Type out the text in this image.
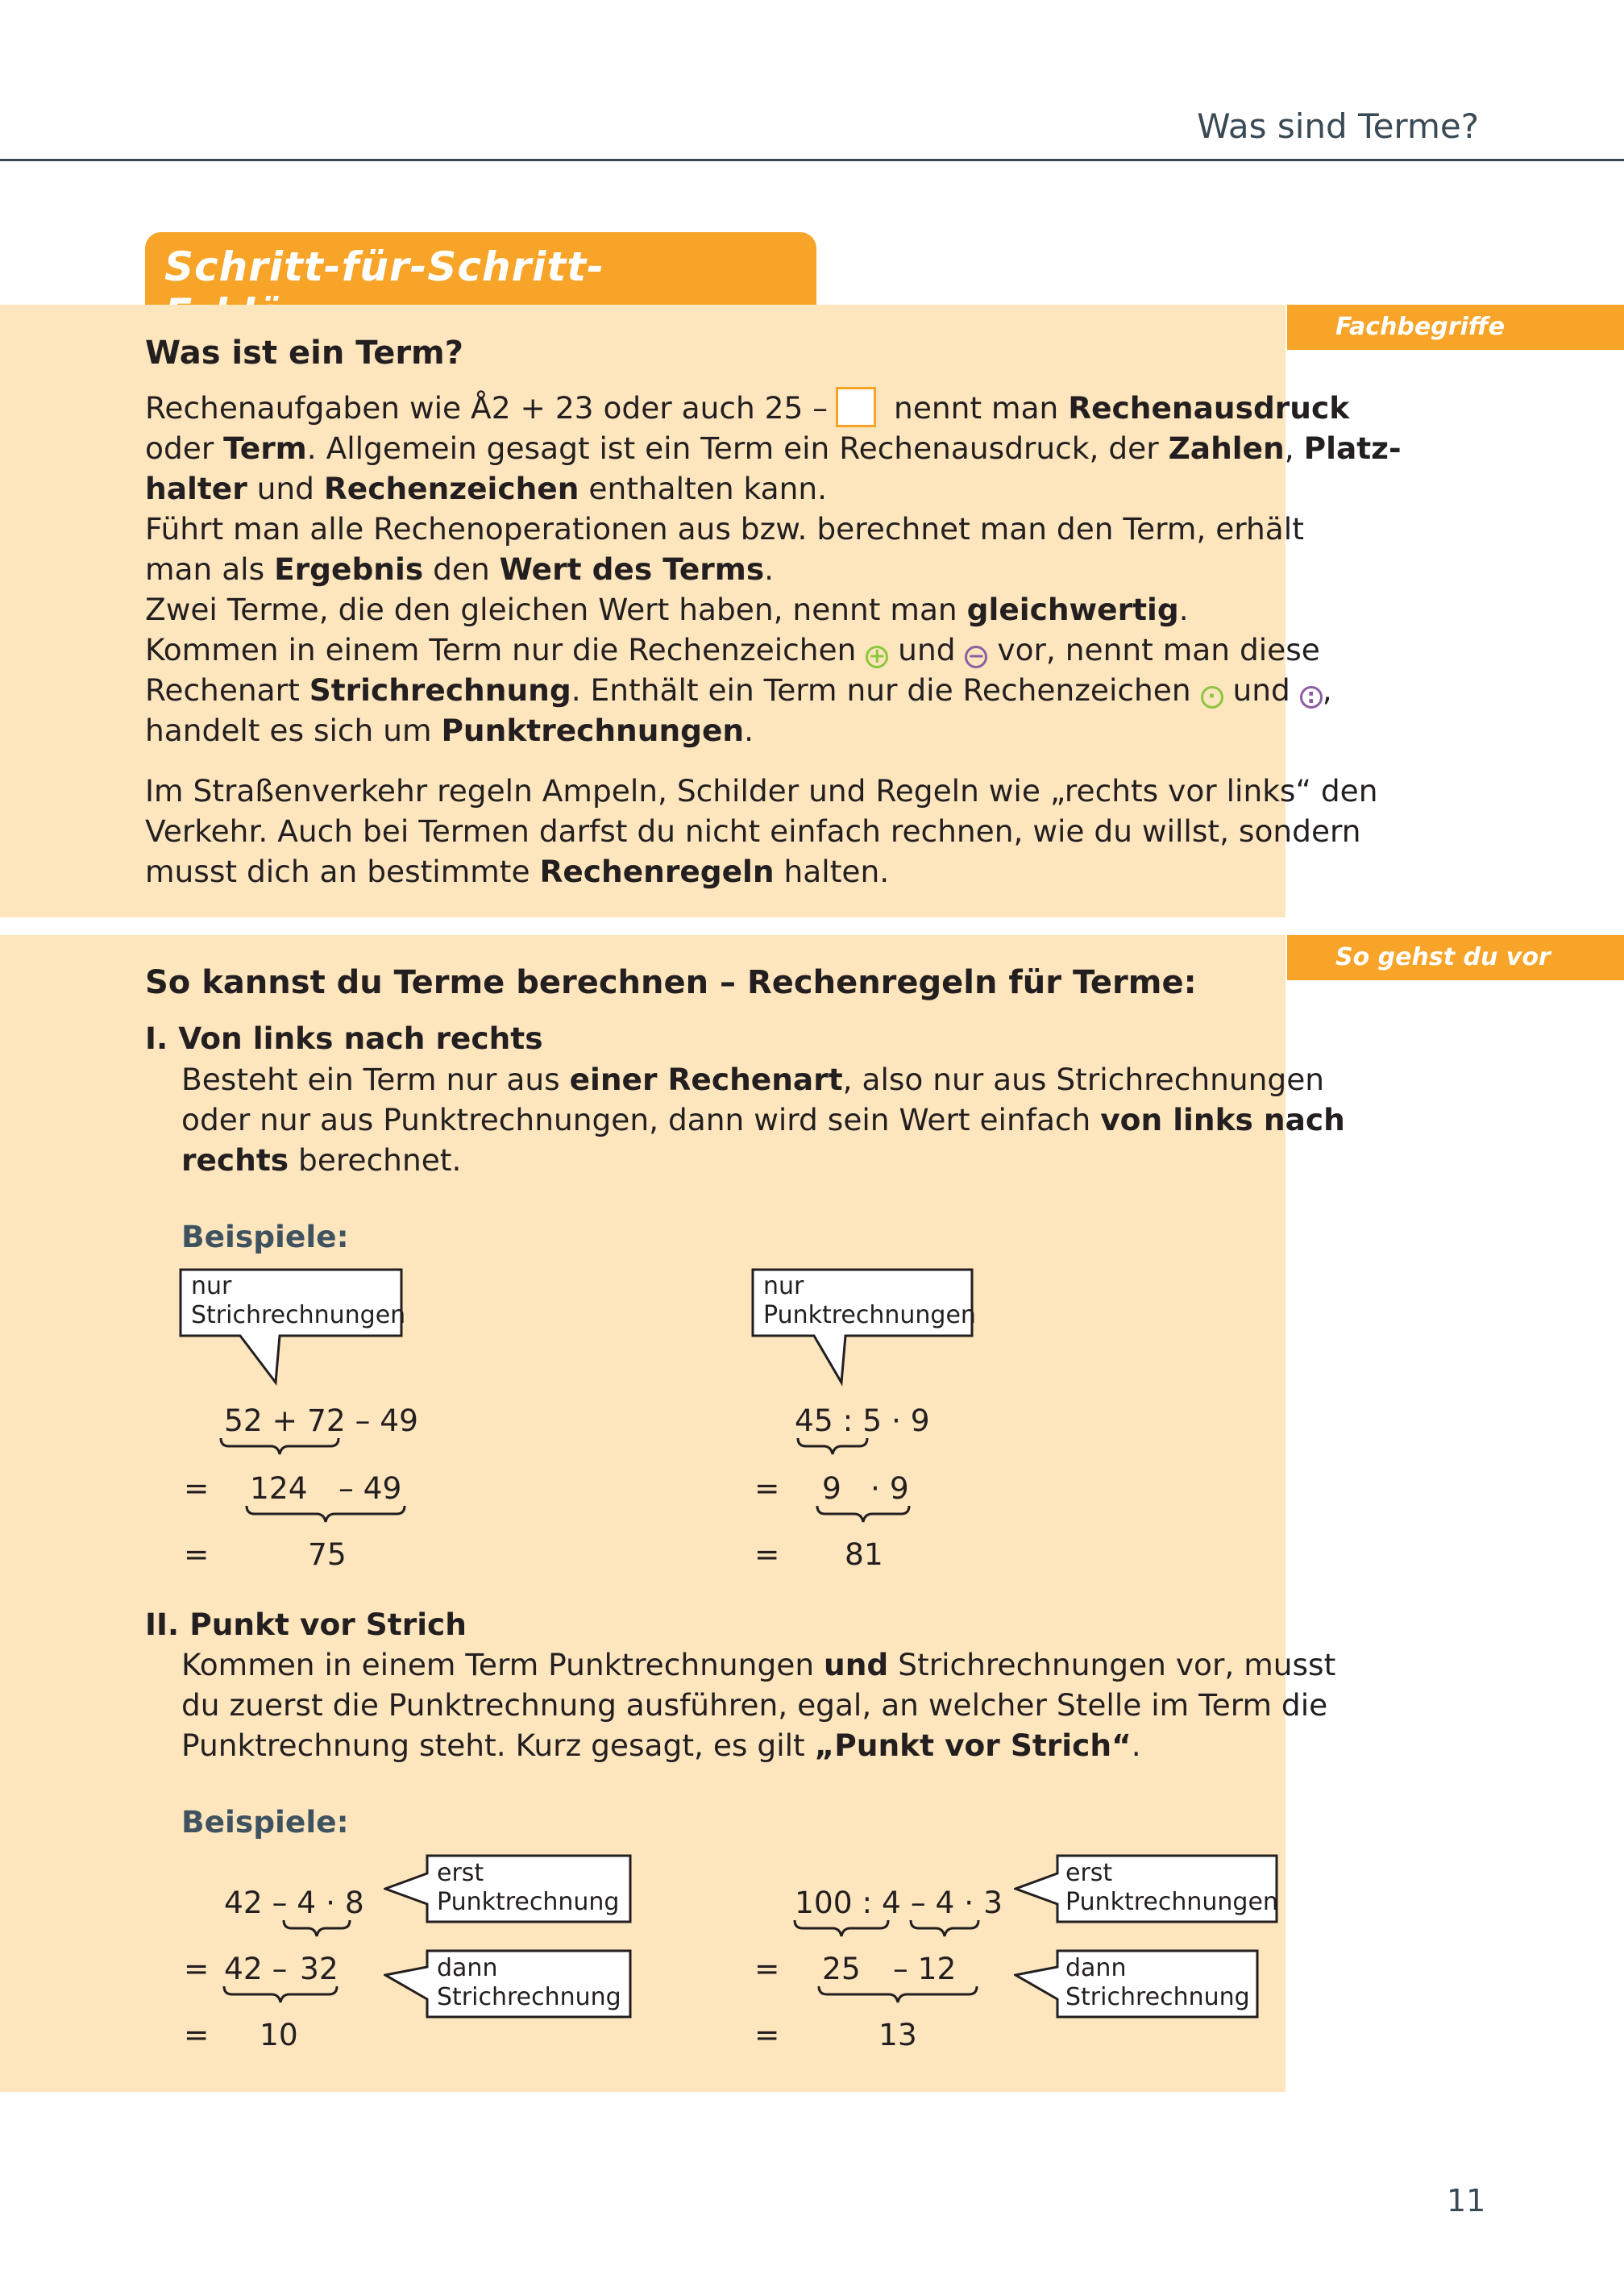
Was sind Terme?
Schritt-für-Schritt-
Fachbegriffe
So gehst du vor
Was ist ein Term?
Rechenaufgaben wie Å2 + 23 oder auch 25 – nennt man Rechenausdruck
oder Term. Allgemein gesagt ist ein Term ein Rechenausdruck, der Zahlen, Platz-
halter und Rechenzeichen enthalten kann.
Führt man alle Rechenoperationen aus bzw. berechnet man den Term, erhält
man als Ergebnis den Wert des Terms.
Zwei Terme, die den gleichen Wert haben, nennt man gleichwertig.
Kommen in einem Term nur die Rechenzeichen + und − vor, nennt man diese
Rechenart Strichrechnung. Enthält ein Term nur die Rechenzeichen · und : ,
handelt es sich um Punktrechnungen.
Im Straßenverkehr regeln Ampeln, Schilder und Regeln wie „rechts vor links“ den
Verkehr. Auch bei Termen darfst du nicht einfach rechnen, wie du willst, sondern
musst dich an bestimmte Rechenregeln halten.
So kannst du Terme berechnen – Rechenregeln für Terme:
I. Von links nach rechts
Besteht ein Term nur aus einer Rechenart, also nur aus Strichrechnungen
oder nur aus Punktrechnungen, dann wird sein Wert einfach von links nach
rechts berechnet.
Beispiele:
nur
Strichrechnungen
52 + 72 – 49
= 124 – 49
=	75
nur
Punktrechnungen
45 : 5 · 9
= 9 · 9
= 81
II. Punkt vor Strich
Kommen in einem Term Punktrechnungen und Strichrechnungen vor, musst
du zuerst die Punktrechnung ausführen, egal, an welcher Stelle im Term die
Punktrechnung steht. Kurz gesagt, es gilt „Punkt vor Strich“.
Beispiele:
42 – 4 · 8
= 42 – 32
= 10
erst
Punktrechnung
dann
Strichrechnung
100 : 4 – 4 · 3
= 25 – 12
=	13
erst
Punktrechnungen
dann
Strichrechnung
11
